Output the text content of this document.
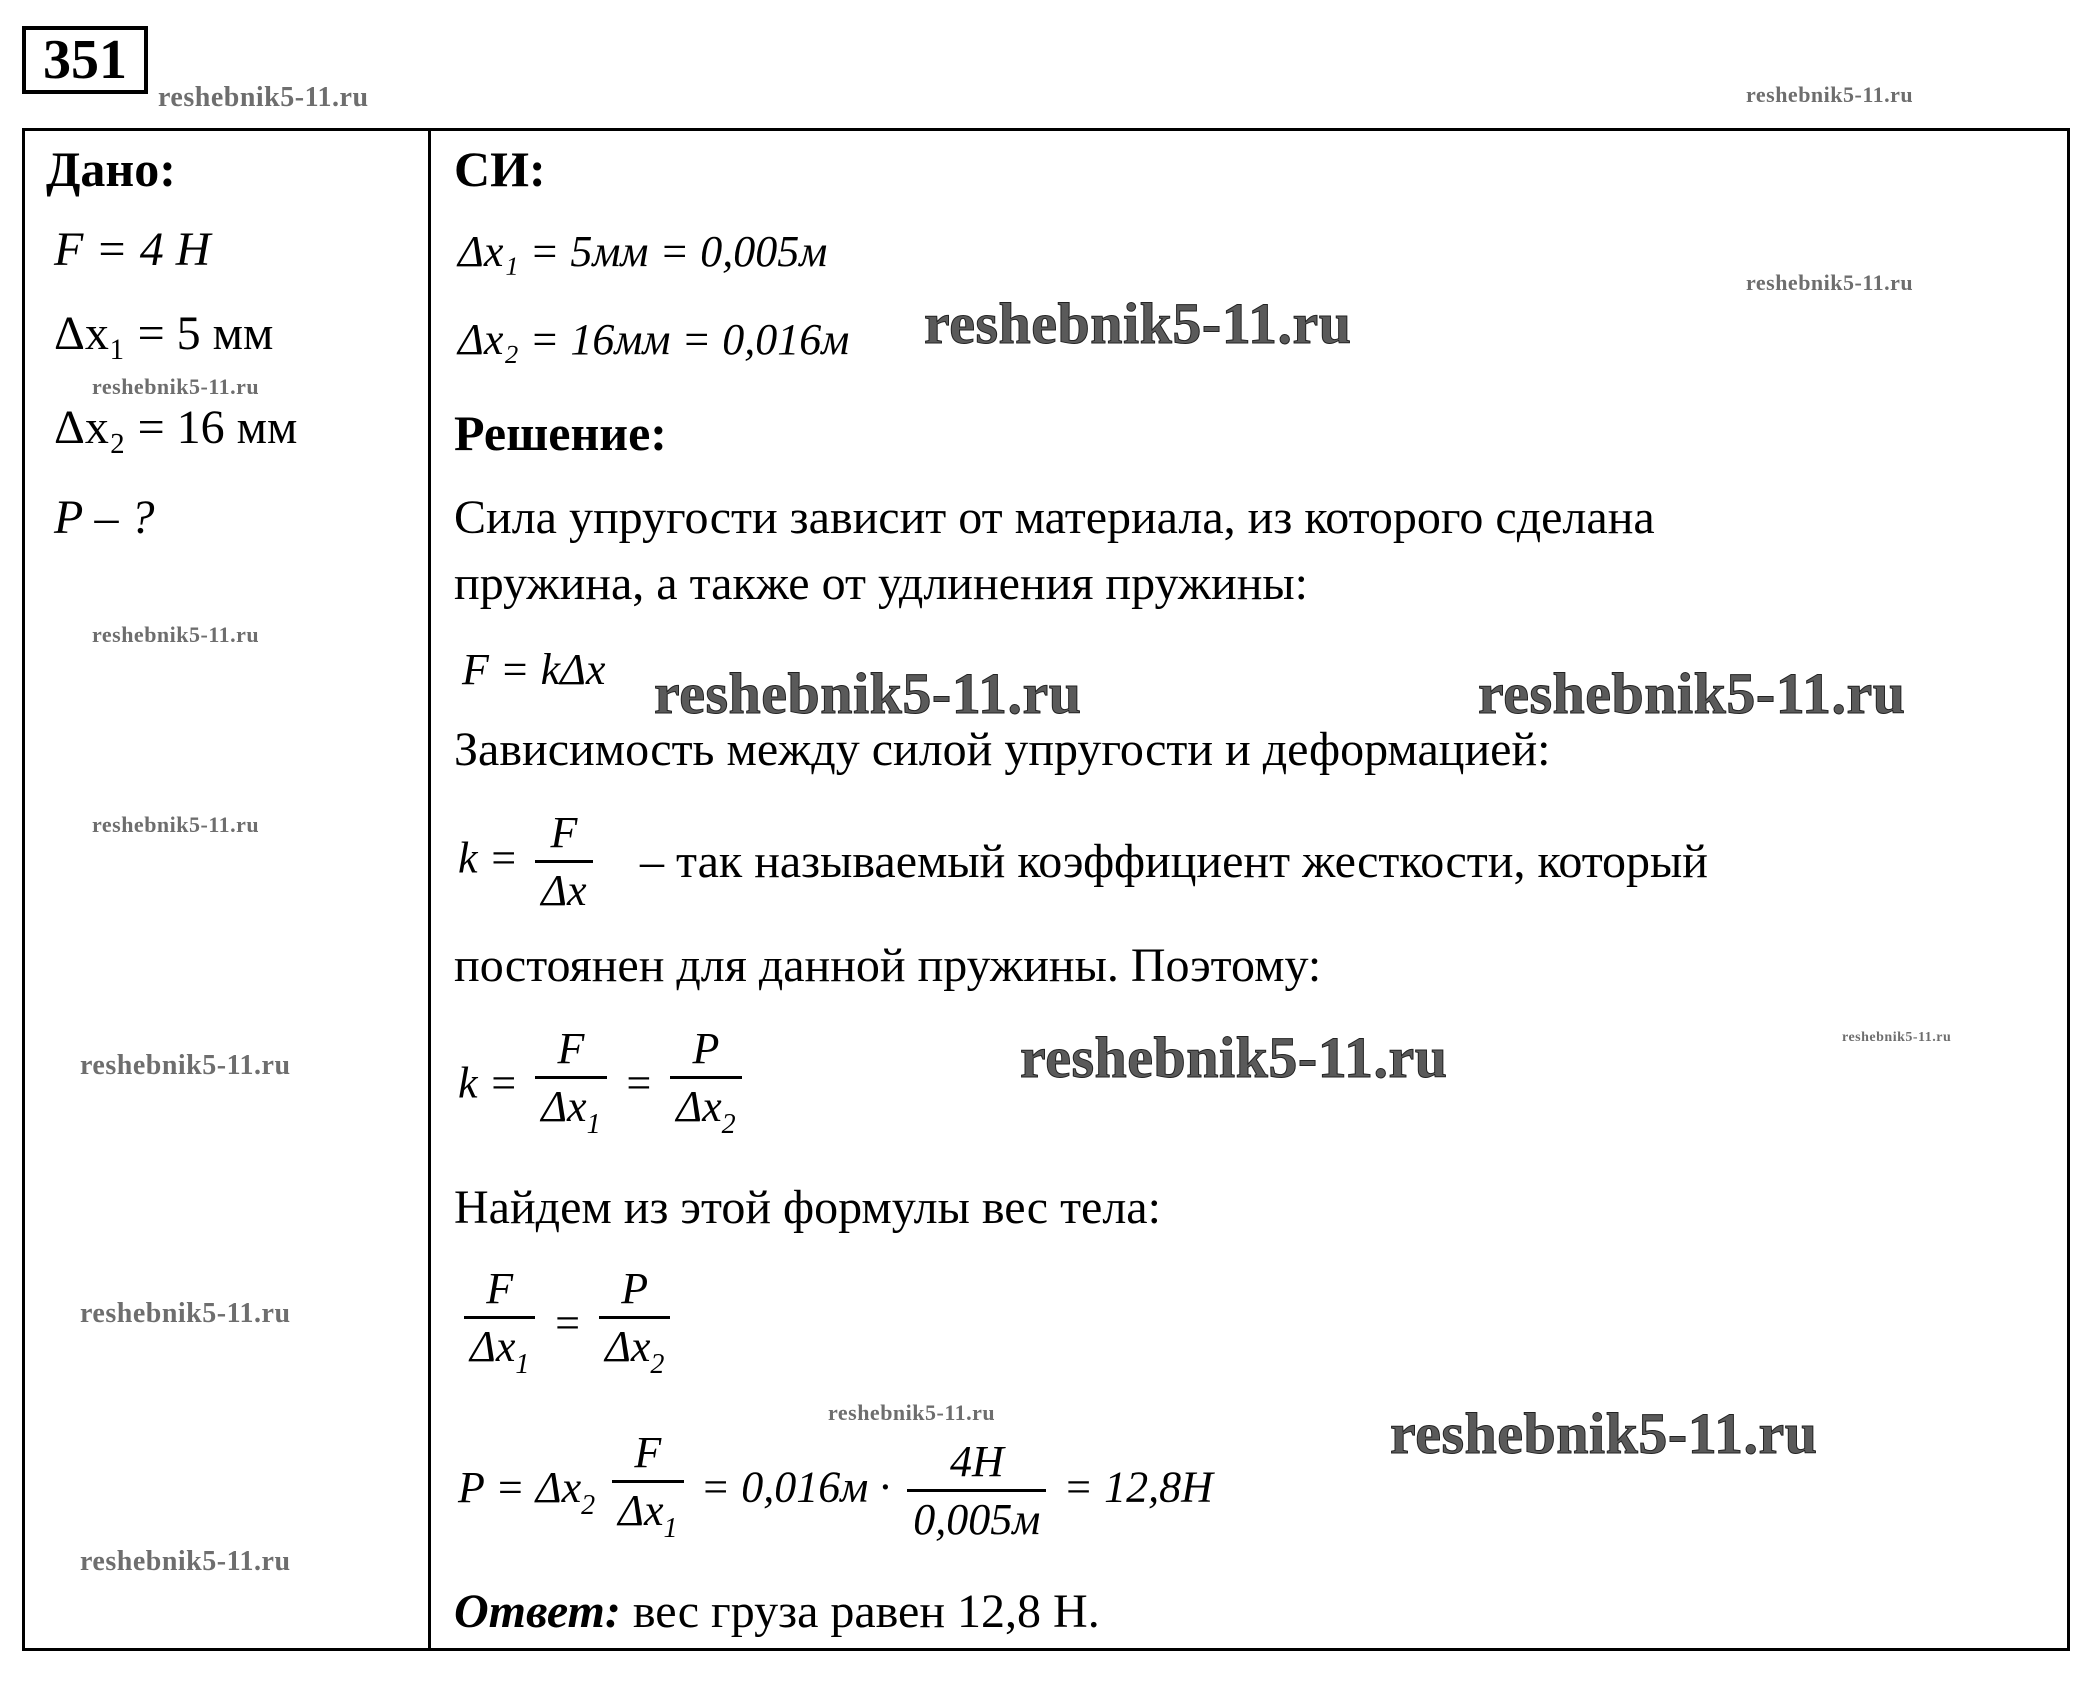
351
reshebnik5-11.ru	reshebnik5-11.ru
reshebnik5-11.ru
reshebnik5-11.ru
reshebnik5-11.ru
reshebnik5-11.ru
reshebnik5-11.ru
reshebnik5-11.ru
reshebnik5-11.ru
reshebnik5-11.ru
reshebnik5-11.ru
reshebnik5-11.ru
reshebnik5-11.ru	reshebnik5-11.ru
reshebnik5-11.ru
reshebnik5-11.ru
Дано:
F = 4 Н
Δx₁ = 5 мм
Δx₂ = 16 мм
P – ?
СИ:
Δx₁ = 5мм = 0,005м
Δx₂ = 16мм = 0,016м
Решение:
Сила упругости зависит от материала, из которого сделана
пружина, а также от удлинения пружины:
F = kΔx
Зависимость между силой упругости и деформацией:
$k = \frac{F}{\Delta x}$ – так называемый коэффициент жесткости, который
постоянен для данной пружины. Поэтому:
$k = \frac{F}{\Delta x_1} = \frac{P}{\Delta x_2}$
Найдем из этой формулы вес тела:
$\frac{F}{\Delta x_1} = \frac{P}{\Delta x_2}$
$P = \Delta x_2 \frac{F}{\Delta x_1} = 0,016м \cdot \frac{4Н}{0,005м} = 12,8Н$
Ответ: вес груза равен 12,8 Н.
